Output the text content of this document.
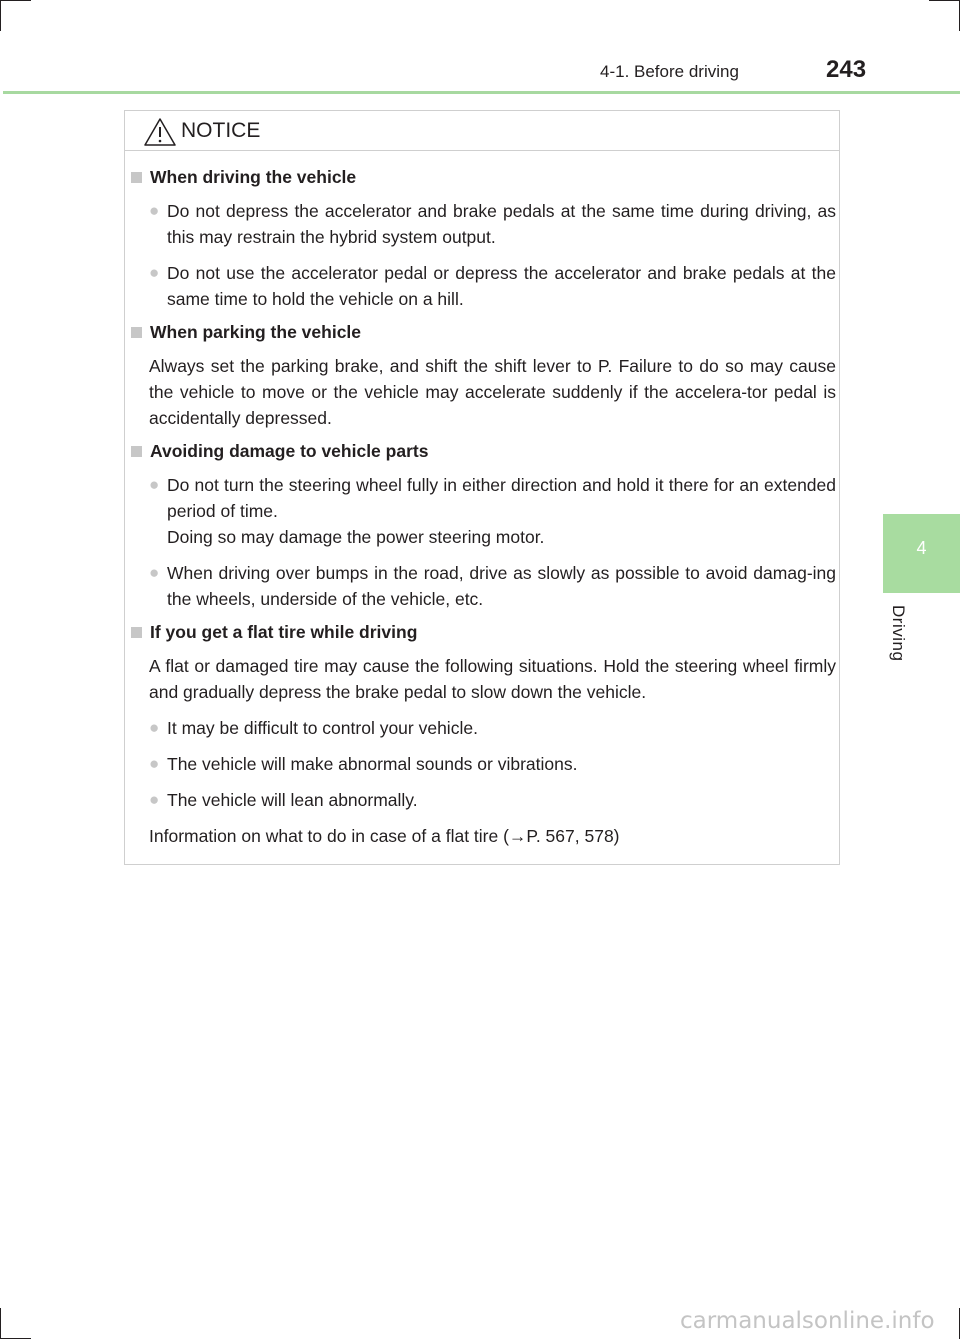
4-1. Before driving	243
4
Driving
NOTICE
When driving the vehicle
● Do not depress the accelerator and brake pedals at the same time during driving, as this may restrain the hybrid system output.
● Do not use the accelerator pedal or depress the accelerator and brake pedals at the same time to hold the vehicle on a hill.
When parking the vehicle
Always set the parking brake, and shift the shift lever to P. Failure to do so may cause the vehicle to move or the vehicle may accelerate suddenly if the accelera-tor pedal is accidentally depressed.
Avoiding damage to vehicle parts
● Do not turn the steering wheel fully in either direction and hold it there for an extended period of time.
Doing so may damage the power steering motor.
● When driving over bumps in the road, drive as slowly as possible to avoid damag-ing the wheels, underside of the vehicle, etc.
If you get a flat tire while driving
A flat or damaged tire may cause the following situations. Hold the steering wheel firmly and gradually depress the brake pedal to slow down the vehicle.
● It may be difficult to control your vehicle.
● The vehicle will make abnormal sounds or vibrations.
● The vehicle will lean abnormally.
Information on what to do in case of a flat tire (→P. 567, 578)
carmanualsonline.info
